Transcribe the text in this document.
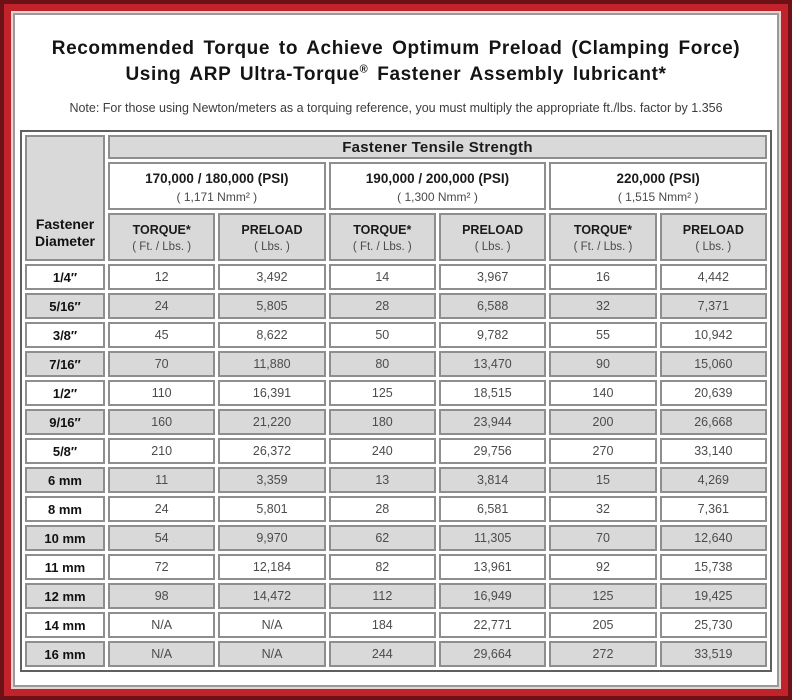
Recommended Torque to Achieve Optimum Preload (Clamping Force)
Using ARP Ultra-Torque® Fastener Assembly lubricant*

Note: For those using Newton/meters as a torquing reference, you must multiply the appropriate ft./lbs. factor by 1.356

Fastener
Diameter	Fastener Tensile Strength					

170,000 / 180,000 (PSI)
( 1,171 Nmm² )

190,000 / 200,000 (PSI)
( 1,300 Nmm² )

220,000 (PSI)
( 1,515 Nmm² )

TORQUE*
( Ft. / Lbs. )

PRELOAD
( Lbs. )

TORQUE*
( Ft. / Lbs. )

PRELOAD
( Lbs. )

TORQUE*
( Ft. / Lbs. )

PRELOAD
( Lbs. )

1/4″	12	3,492	14	3,967	16	4,442
5/16″	24	5,805	28	6,588	32	7,371
3/8″	45	8,622	50	9,782	55	10,942
7/16″	70	11,880	80	13,470	90	15,060
1/2″	110	16,391	125	18,515	140	20,639
9/16″	160	21,220	180	23,944	200	26,668
5/8″	210	26,372	240	29,756	270	33,140
6 mm	11	3,359	13	3,814	15	4,269
8 mm	24	5,801	28	6,581	32	7,361
10 mm	54	9,970	62	11,305	70	12,640
11 mm	72	12,184	82	13,961	92	15,738
12 mm	98	14,472	112	16,949	125	19,425
14 mm	N/A	N/A	184	22,771	205	25,730
16 mm	N/A	N/A	244	29,664	272	33,519
